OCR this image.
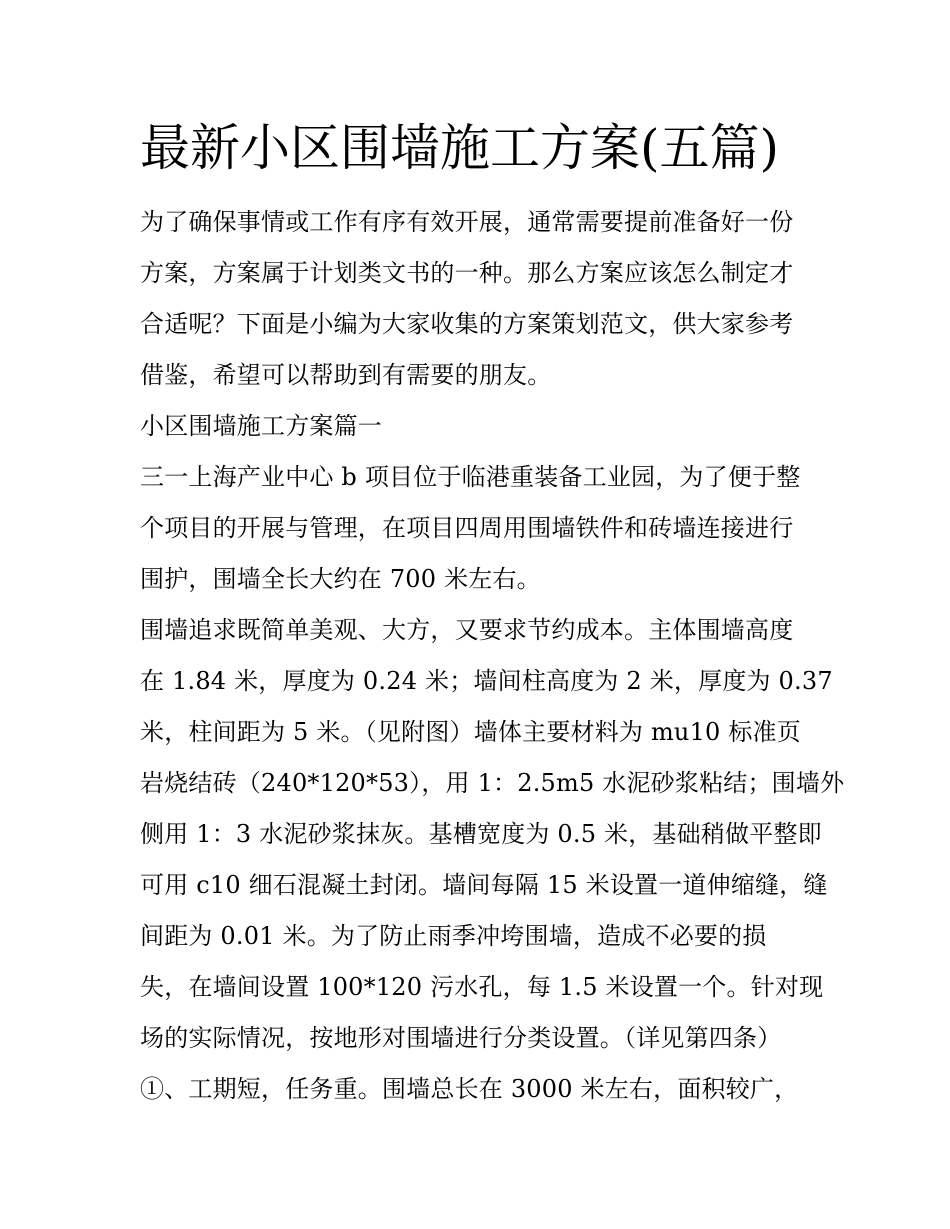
最新小区围墙施工方案(五篇)
为了确保事情或工作有序有效开展，通常需要提前准备好一份
方案，方案属于计划类文书的一种。那么方案应该怎么制定才
合适呢？下面是小编为大家收集的方案策划范文，供大家参考
借鉴，希望可以帮助到有需要的朋友。
小区围墙施工方案篇一
三一上海产业中心 b 项目位于临港重装备工业园，为了便于整
个项目的开展与管理，在项目四周用围墙铁件和砖墙连接进行
围护，围墙全长大约在 700 米左右。
围墙追求既简单美观、大方，又要求节约成本。主体围墙高度
在 1.84 米，厚度为 0.24 米；墙间柱高度为 2 米，厚度为 0.37
米，柱间距为 5 米。（见附图）墙体主要材料为 mu10 标准页
岩烧结砖（240*120*53），用 1：2.5m5 水泥砂浆粘结；围墙外
侧用 1：3 水泥砂浆抹灰。基槽宽度为 0.5 米，基础稍做平整即
可用 c10 细石混凝土封闭。墙间每隔 15 米设置一道伸缩缝，缝
间距为 0.01 米。为了防止雨季冲垮围墙，造成不必要的损
失，在墙间设置 100*120 污水孔，每 1.5 米设置一个。针对现
场的实际情况，按地形对围墙进行分类设置。（详见第四条）
①、工期短，任务重。围墙总长在 3000 米左右，面积较广，
